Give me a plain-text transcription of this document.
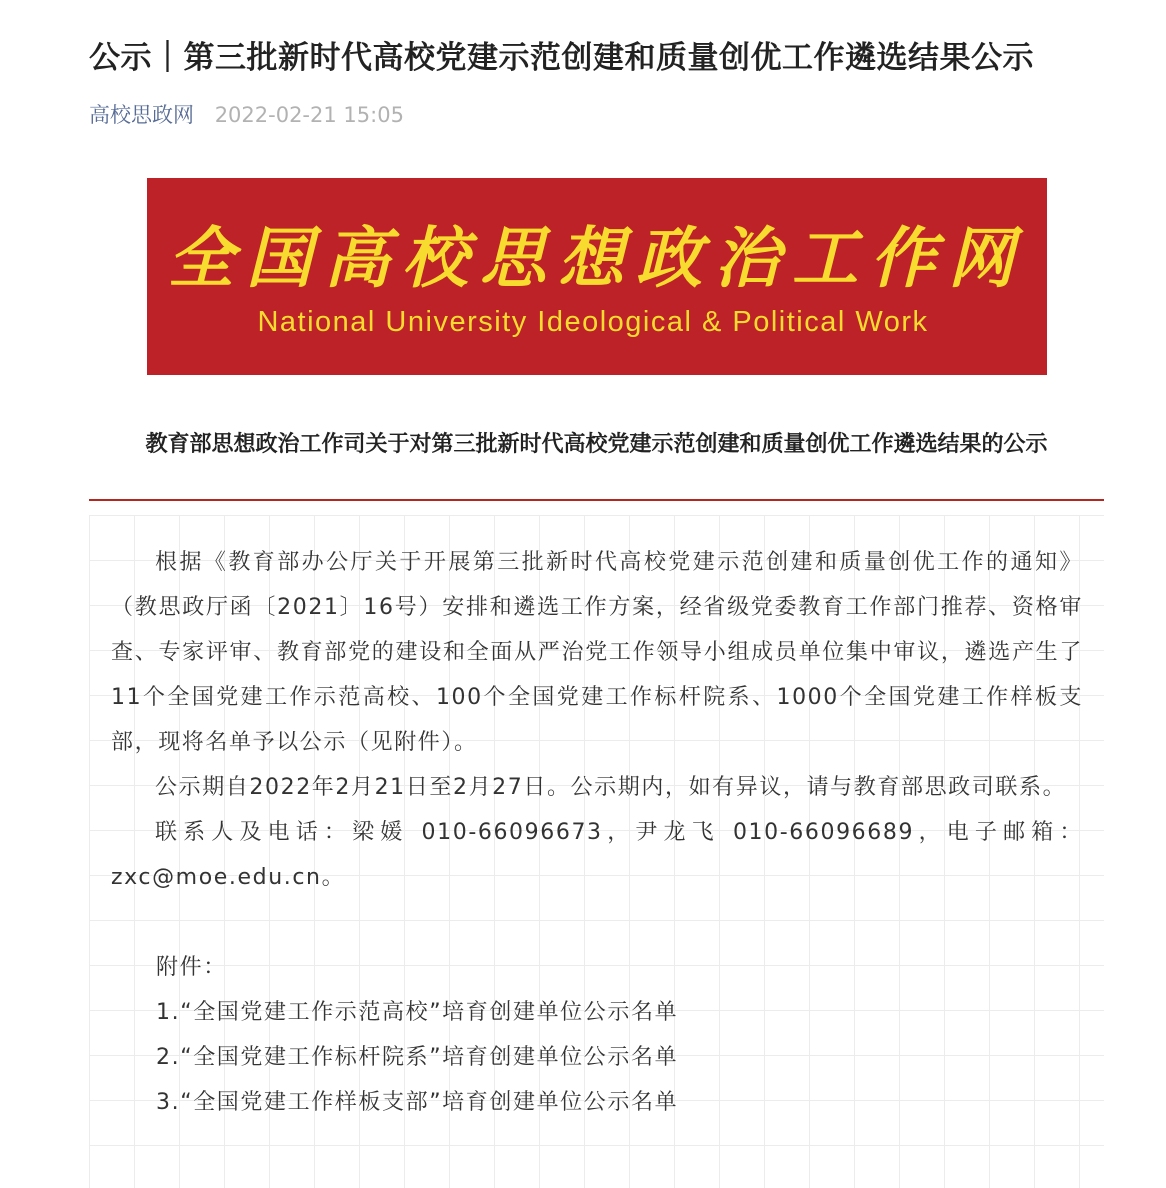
公示｜第三批新时代高校党建示范创建和质量创优工作遴选结果公示
高校思政网 2022-02-21 15:05
全国高校思想政治工作网
National University Ideological & Political Work
教育部思想政治工作司关于对第三批新时代高校党建示范创建和质量创优工作遴选结果的公示

根据《教育部办公厅关于开展第三批新时代高校党建示范创建和质量创优工作的通知》（教思政厅函〔2021〕16号）安排和遴选工作方案，经省级党委教育工作部门推荐、资格审查、专家评审、教育部党的建设和全面从严治党工作领导小组成员单位集中审议，遴选产生了11个全国党建工作示范高校、100个全国党建工作标杆院系、1000个全国党建工作样板支部，现将名单予以公示（见附件）。

公示期自2022年2月21日至2月27日。公示期内，如有异议，请与教育部思政司联系。

联系人及电话：梁媛 010-66096673，尹龙飞 010-66096689，电子邮箱：zxc@moe.edu.cn。

附件：

1.“全国党建工作示范高校”培育创建单位公示名单

2.“全国党建工作标杆院系”培育创建单位公示名单

3.“全国党建工作样板支部”培育创建单位公示名单
